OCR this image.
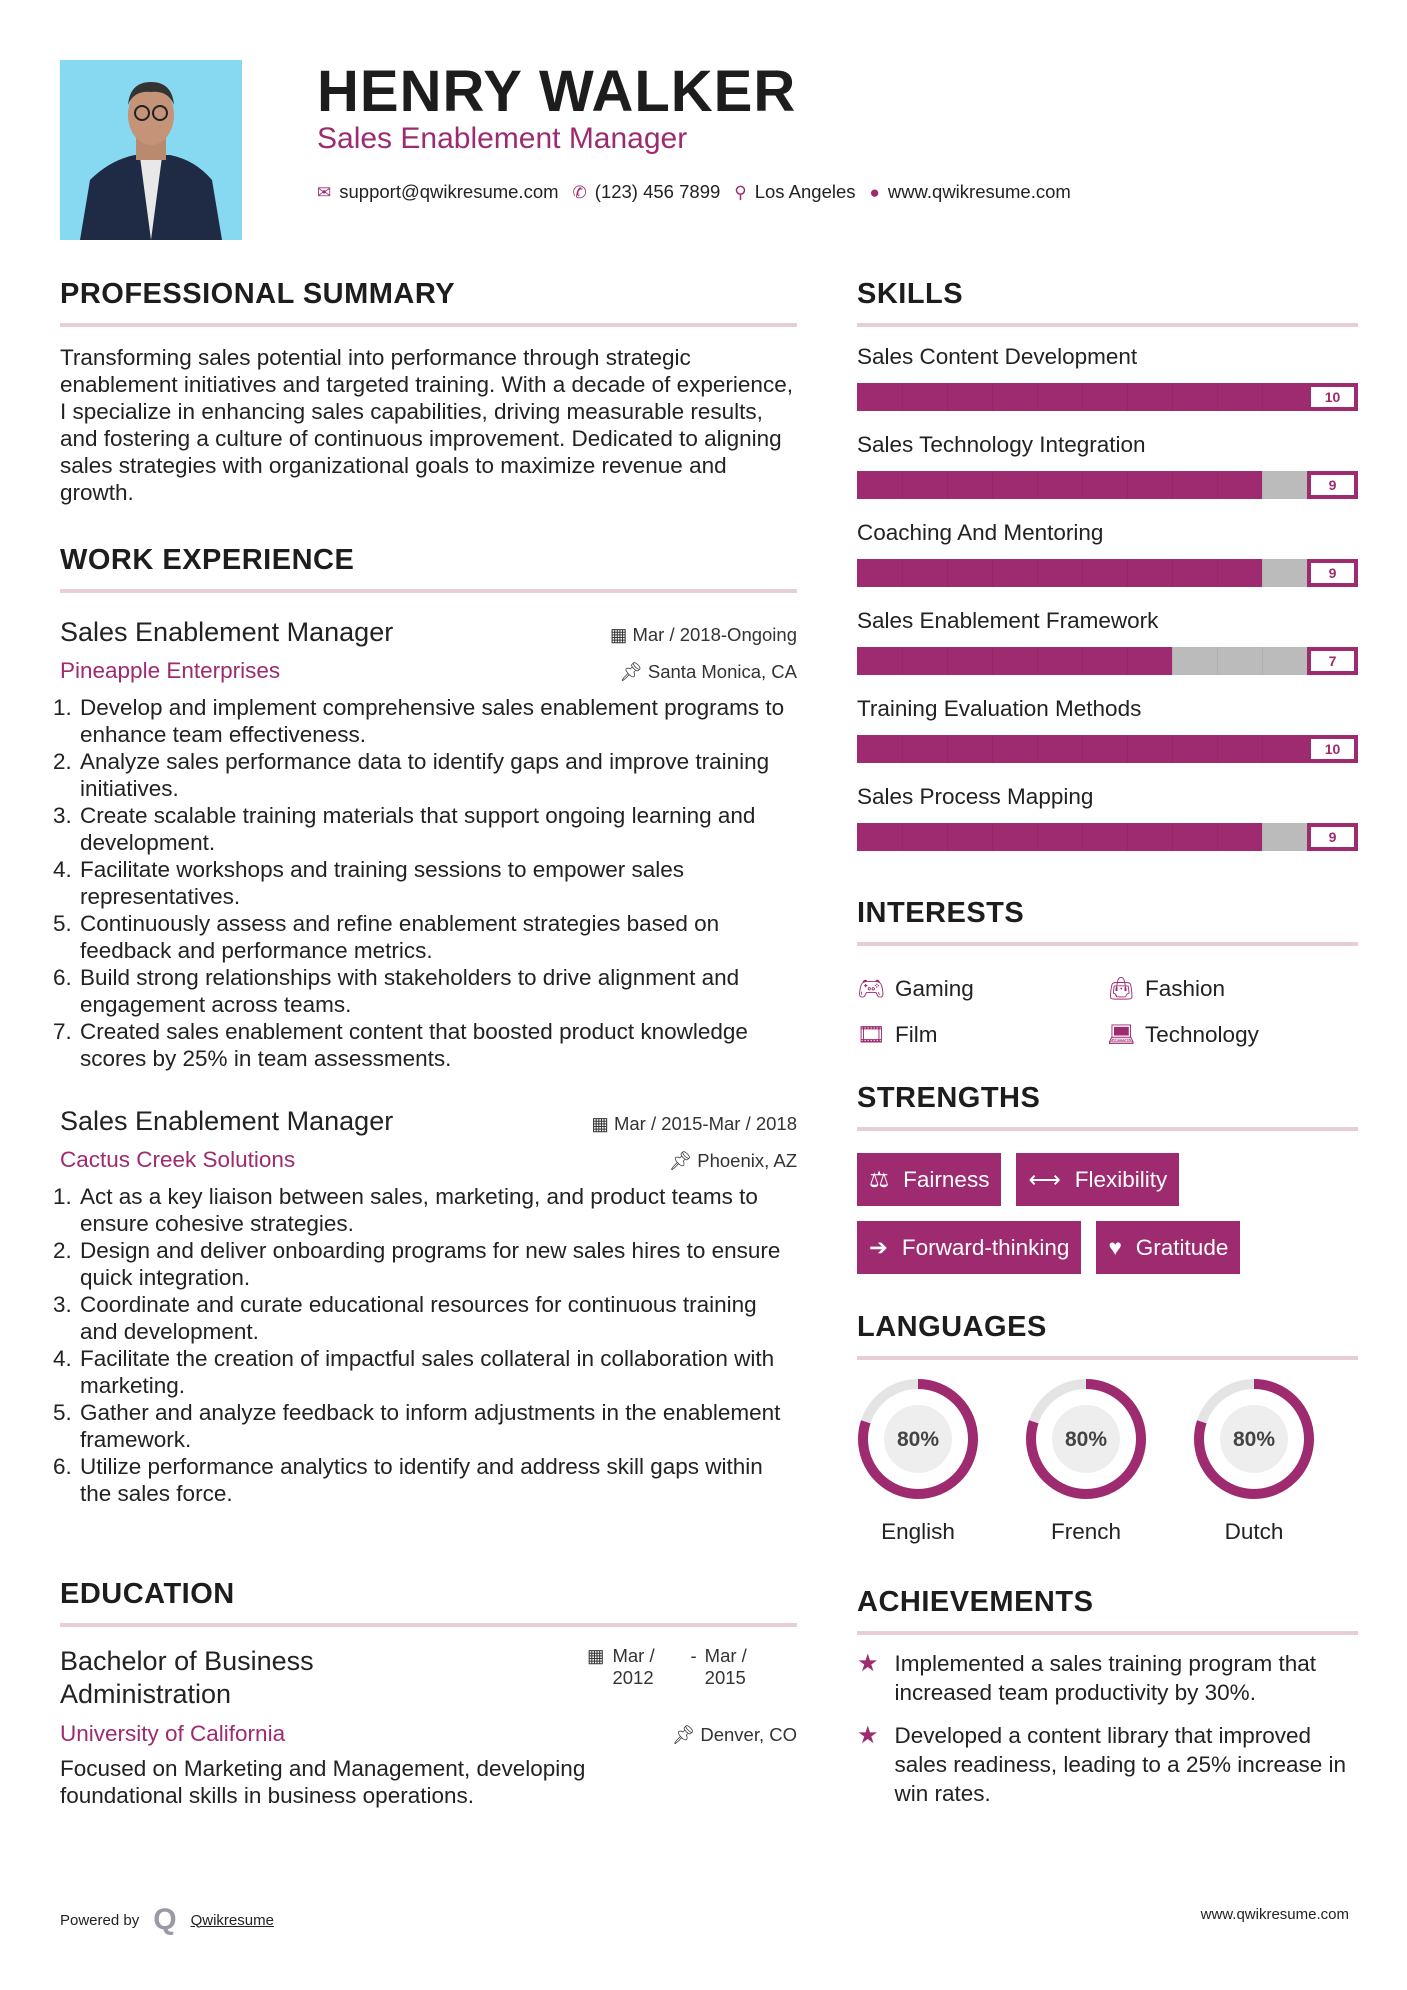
HENRY WALKER
Sales Enablement Manager
✉ support@qwikresume.com ✆ (123) 456 7899 ⚲ Los Angeles ● www.qwikresume.com
PROFESSIONAL SUMMARY
Transforming sales potential into performance through strategic enablement initiatives and targeted training. With a decade of experience, I specialize in enhancing sales capabilities, driving measurable results, and fostering a culture of continuous improvement. Dedicated to aligning sales strategies with organizational goals to maximize revenue and growth.
WORK EXPERIENCE
Sales Enablement Manager	▦ Mar / 2018-Ongoing
Pineapple Enterprises	📌︎ Santa Monica, CA
1. Develop and implement comprehensive sales enablement programs to enhance team effectiveness.
2. Analyze sales performance data to identify gaps and improve training initiatives.
3. Create scalable training materials that support ongoing learning and development.
4. Facilitate workshops and training sessions to empower sales representatives.
5. Continuously assess and refine enablement strategies based on feedback and performance metrics.
6. Build strong relationships with stakeholders to drive alignment and engagement across teams.
7. Created sales enablement content that boosted product knowledge scores by 25% in team assessments.
Sales Enablement Manager	▦ Mar / 2015-Mar / 2018
Cactus Creek Solutions	📌︎ Phoenix, AZ
1. Act as a key liaison between sales, marketing, and product teams to ensure cohesive strategies.
2. Design and deliver onboarding programs for new sales hires to ensure quick integration.
3. Coordinate and curate educational resources for continuous training and development.
4. Facilitate the creation of impactful sales collateral in collaboration with marketing.
5. Gather and analyze feedback to inform adjustments in the enablement framework.
6. Utilize performance analytics to identify and address skill gaps within the sales force.
EDUCATION
Bachelor of Business Administration
▦ Mar / 2012
- Mar / 2015
University of California	📌︎ Denver, CO
Focused on Marketing and Management, developing foundational skills in business operations.
SKILLS
Sales Content Development
10
Sales Technology Integration
9
Coaching And Mentoring
9
Sales Enablement Framework
7
Training Evaluation Methods
10
Sales Process Mapping
9
INTERESTS
🎮︎ Gaming	👜︎ Fashion
🎞︎ Film	💻︎ Technology
STRENGTHS
⚖ Fairness ⟷ Flexibility
➔ Forward-thinking ♥ Gratitude
LANGUAGES
80%
English
80%
French
80%
Dutch
ACHIEVEMENTS
★ Implemented a sales training program that increased team productivity by 30%.
★ Developed a content library that improved sales readiness, leading to a 25% increase in win rates.
Powered by Q Qwikresume	www.qwikresume.com
